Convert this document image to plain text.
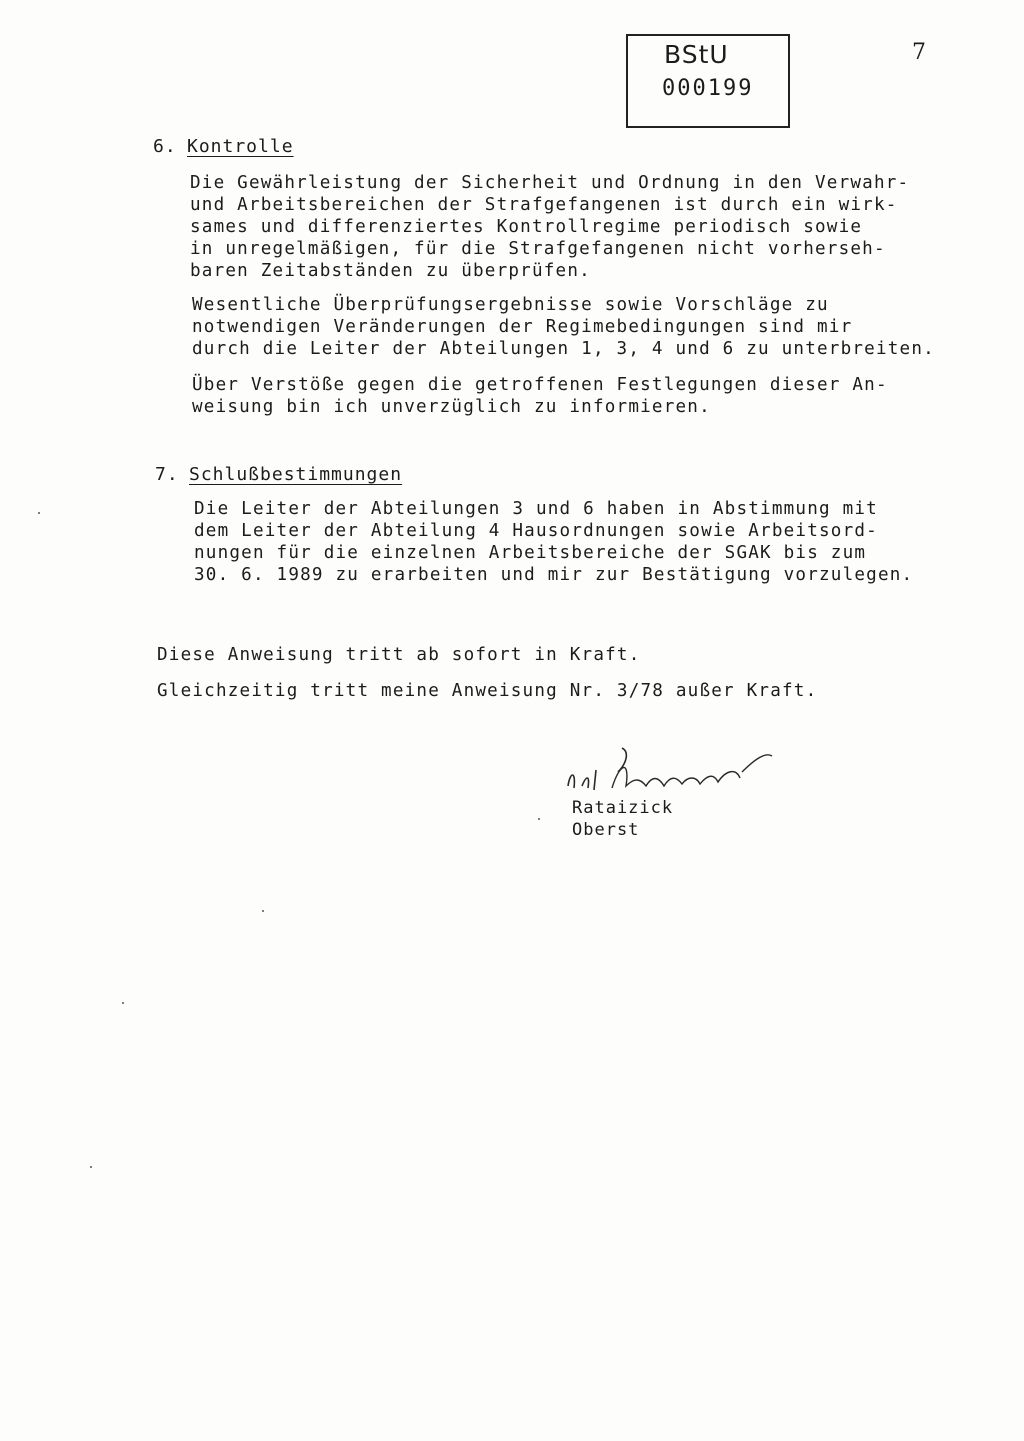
BStU
000199
7
6. Kontrolle
Die Gewährleistung der Sicherheit und Ordnung in den Verwahr-
und Arbeitsbereichen der Strafgefangenen ist durch ein wirk-
sames und differenziertes Kontrollregime periodisch sowie
in unregelmäßigen, für die Strafgefangenen nicht vorherseh-
baren Zeitabständen zu überprüfen.
Wesentliche Überprüfungsergebnisse sowie Vorschläge zu
notwendigen Veränderungen der Regimebedingungen sind mir
durch die Leiter der Abteilungen 1, 3, 4 und 6 zu unterbreiten.
Über Verstöße gegen die getroffenen Festlegungen dieser An-
weisung bin ich unverzüglich zu informieren.
7. Schlußbestimmungen
Die Leiter der Abteilungen 3 und 6 haben in Abstimmung mit
dem Leiter der Abteilung 4 Hausordnungen sowie Arbeitsord-
nungen für die einzelnen Arbeitsbereiche der SGAK bis zum
30. 6. 1989 zu erarbeiten und mir zur Bestätigung vorzulegen.
Diese Anweisung tritt ab sofort in Kraft.
Gleichzeitig tritt meine Anweisung Nr. 3/78 außer Kraft.
Rataizick
Oberst
